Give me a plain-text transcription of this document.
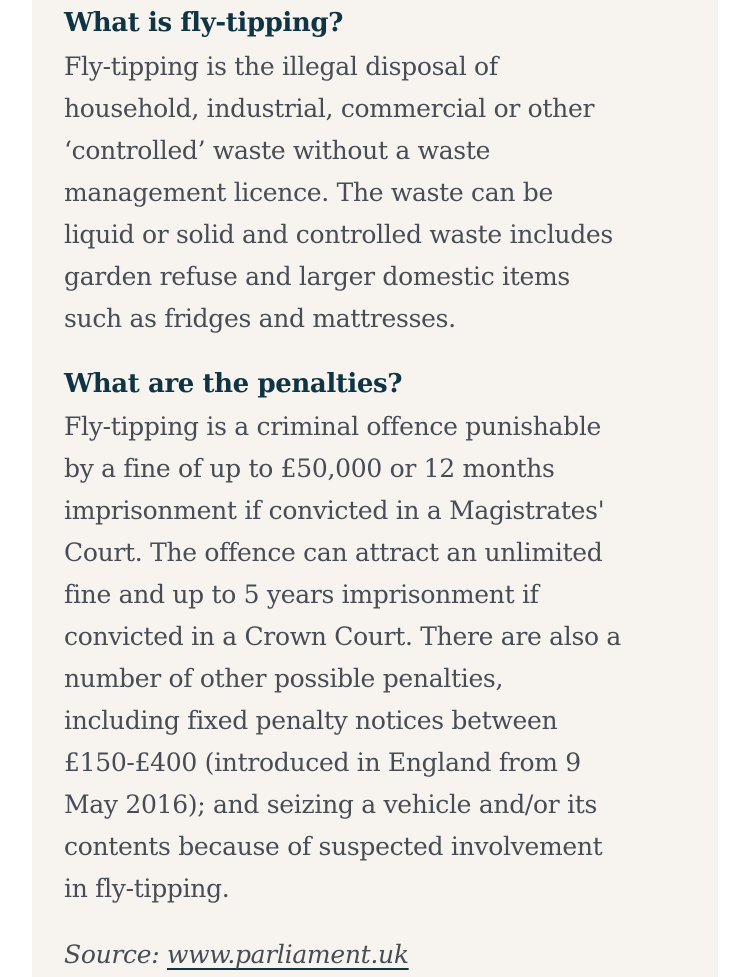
What is fly-tipping?
Fly-tipping is the illegal disposal of
household, industrial, commercial or other
‘controlled’ waste without a waste
management licence. The waste can be
liquid or solid and controlled waste includes
garden refuse and larger domestic items
such as fridges and mattresses.
What are the penalties?
Fly-tipping is a criminal offence punishable
by a fine of up to £50,000 or 12 months
imprisonment if convicted in a Magistrates'
Court. The offence can attract an unlimited
fine and up to 5 years imprisonment if
convicted in a Crown Court. There are also a
number of other possible penalties,
including fixed penalty notices between
£150-£400 (introduced in England from 9
May 2016); and seizing a vehicle and/or its
contents because of suspected involvement
in fly-tipping.
Source: www.parliament.uk
